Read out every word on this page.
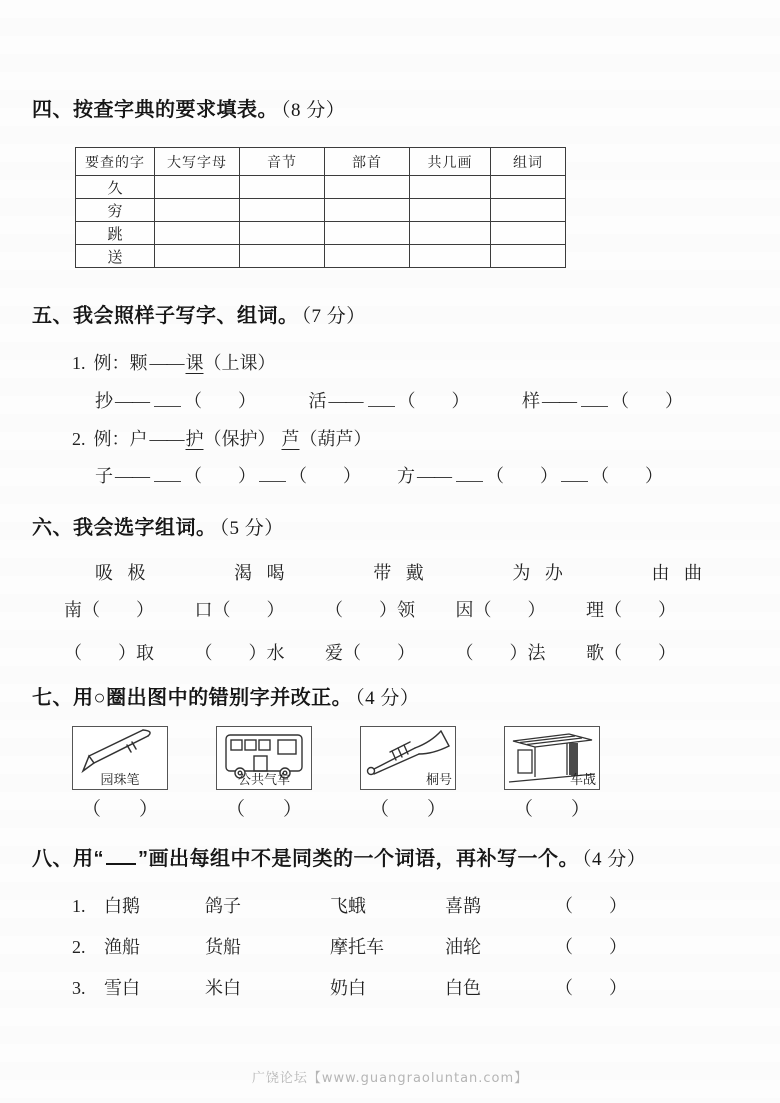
四、按查字典的要求填表。 （8 分）
要查的字	大写字母	音节	部首	共几画	组词
久					
穷					
跳					
送					
五、我会照样子写字、组词。 （7 分）
1. 例：颗 —— 课（上课）
抄 —— （　　）	活 —— （　　）	样 —— （　　）
2. 例：户 —— 护（保护） 芦（葫芦）
子 —— （　　） （　　） 方 —— （　　） （　　）
六、我会选字组词。 （5 分）
吸 极	渴 喝	带 戴	为 办	由 曲
南（　　） 口（　　） （　　）领 因（　　） 理（　　）
（　　）取 （　　）水 爱（　　） （　　）法 歌（　　）
七、用○圈出图中的错别字并改正。 （4 分）
园珠笔	公共气车	桐号	车战
（　　）	（　　）	（　　）	（　　）
八、用“ ”画出每组中不是同类的一个词语，再补写一个。 （4 分）
1.	白鹅	鸽子	飞蛾	喜鹊	（　　）
2.	渔船	货船	摩托车	油轮	（　　）
3.	雪白	米白	奶白	白色	（　　）
广饶论坛【www.guangraoluntan.com】
